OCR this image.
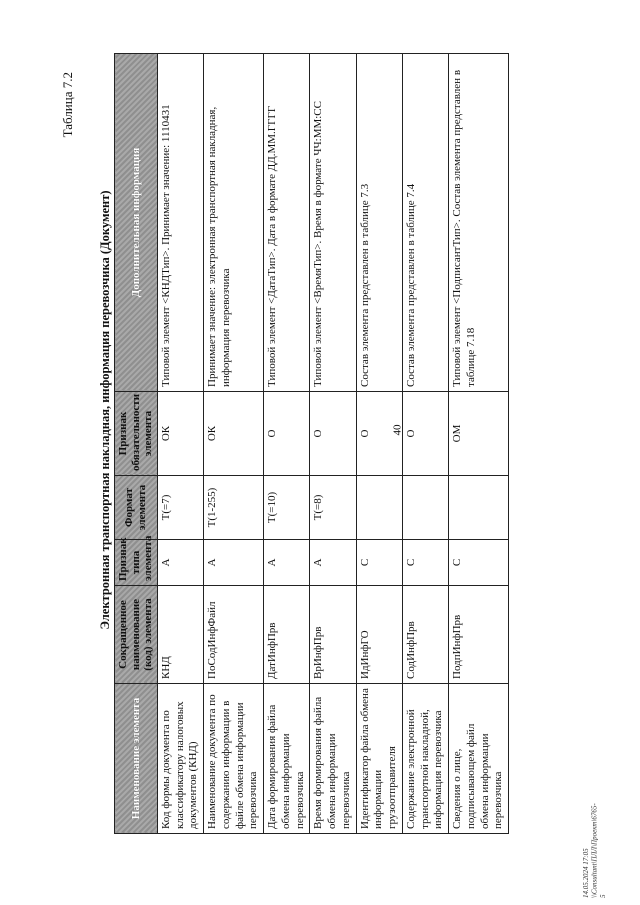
Таблица 7.2
Электронная транспортная накладная, информация перевозчика (Документ)
Наименование элемента	Сокращенное наименование (код) элемента	Признак типа элемента	Формат элемента	Признак обязательности элемента	Дополнительная информация
Код формы документа по классификатору налоговых документов (КНД)	КНД	А	T(=7)	ОК	Типовой элемент <КНДТип>. Принимает значение: 1110431
Наименование документа по содержанию информации в файле обмена информации перевозчика	ПоСодИнфФайл	А	T(1-255)	ОК	Принимает значение: электронная транспортная накладная, информация перевозчика
Дата формирования файла обмена информации перевозчика	ДатИнфПрв	А	T(=10)	О	Типовой элемент <ДатаТип>. Дата в формате ДД.ММ.ГГГГ
Время формирования файла обмена информации перевозчика	ВрИнфПрв	А	T(=8)	О	Типовой элемент <ВремяТип>. Время в формате ЧЧ:ММ:СС
Идентификатор файла обмена информации грузоотправителя	ИдИнфГО	С		О	Состав элемента представлен в таблице 7.3
Содержание электронной транспортной накладной, информация перевозчика	СодИнфПрв	С		О	Состав элемента представлен в таблице 7.4
Сведения о лице, подписывающем файл обмена информации перевозчика	ПодпИнфПрв	С		ОМ	Типовой элемент <ПодписантТип>. Состав элемента представлен в таблице 7.18
40
14.05.2024 17:05 \\Consultant\ПЛЛ\Проект\6765-5
